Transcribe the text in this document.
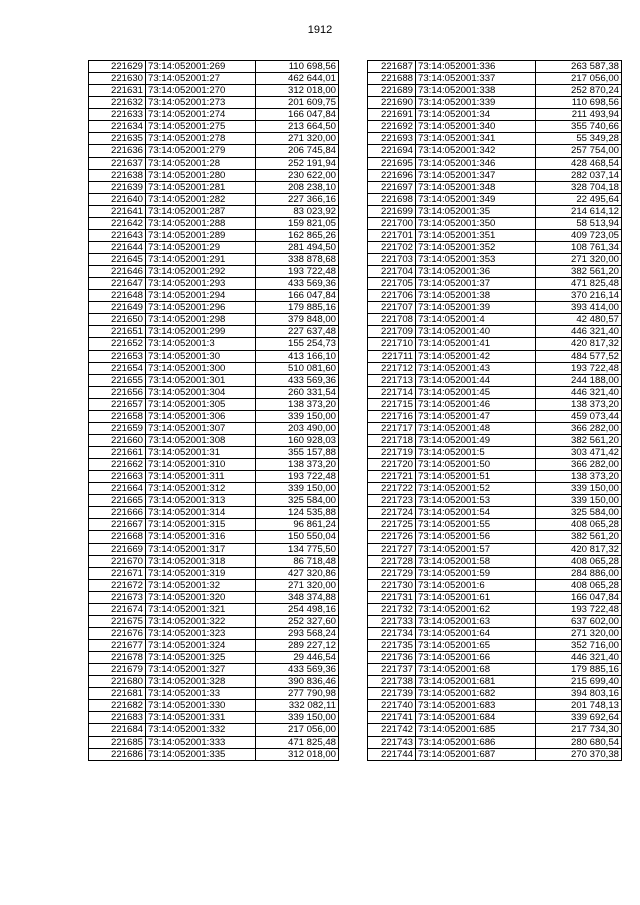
1912
221629	73:14:052001:269	110 698,56
221630	73:14:052001:27	462 644,01
221631	73:14:052001:270	312 018,00
221632	73:14:052001:273	201 609,75
221633	73:14:052001:274	166 047,84
221634	73:14:052001:275	213 664,50
221635	73:14:052001:278	271 320,00
221636	73:14:052001:279	206 745,84
221637	73:14:052001:28	252 191,94
221638	73:14:052001:280	230 622,00
221639	73:14:052001:281	208 238,10
221640	73:14:052001:282	227 366,16
221641	73:14:052001:287	83 023,92
221642	73:14:052001:288	159 821,05
221643	73:14:052001:289	162 865,26
221644	73:14:052001:29	281 494,50
221645	73:14:052001:291	338 878,68
221646	73:14:052001:292	193 722,48
221647	73:14:052001:293	433 569,36
221648	73:14:052001:294	166 047,84
221649	73:14:052001:296	179 885,16
221650	73:14:052001:298	379 848,00
221651	73:14:052001:299	227 637,48
221652	73:14:052001:3	155 254,73
221653	73:14:052001:30	413 166,10
221654	73:14:052001:300	510 081,60
221655	73:14:052001:301	433 569,36
221656	73:14:052001:304	260 331,54
221657	73:14:052001:305	138 373,20
221658	73:14:052001:306	339 150,00
221659	73:14:052001:307	203 490,00
221660	73:14:052001:308	160 928,03
221661	73:14:052001:31	355 157,88
221662	73:14:052001:310	138 373,20
221663	73:14:052001:311	193 722,48
221664	73:14:052001:312	339 150,00
221665	73:14:052001:313	325 584,00
221666	73:14:052001:314	124 535,88
221667	73:14:052001:315	96 861,24
221668	73:14:052001:316	150 550,04
221669	73:14:052001:317	134 775,50
221670	73:14:052001:318	86 718,48
221671	73:14:052001:319	427 320,86
221672	73:14:052001:32	271 320,00
221673	73:14:052001:320	348 374,88
221674	73:14:052001:321	254 498,16
221675	73:14:052001:322	252 327,60
221676	73:14:052001:323	293 568,24
221677	73:14:052001:324	289 227,12
221678	73:14:052001:325	29 446,54
221679	73:14:052001:327	433 569,36
221680	73:14:052001:328	390 836,46
221681	73:14:052001:33	277 790,98
221682	73:14:052001:330	332 082,11
221683	73:14:052001:331	339 150,00
221684	73:14:052001:332	217 056,00
221685	73:14:052001:333	471 825,48
221686	73:14:052001:335	312 018,00
221687	73:14:052001:336	263 587,38
221688	73:14:052001:337	217 056,00
221689	73:14:052001:338	252 870,24
221690	73:14:052001:339	110 698,56
221691	73:14:052001:34	211 493,94
221692	73:14:052001:340	355 740,66
221693	73:14:052001:341	55 349,28
221694	73:14:052001:342	257 754,00
221695	73:14:052001:346	428 468,54
221696	73:14:052001:347	282 037,14
221697	73:14:052001:348	328 704,18
221698	73:14:052001:349	22 495,64
221699	73:14:052001:35	214 614,12
221700	73:14:052001:350	58 513,94
221701	73:14:052001:351	409 723,05
221702	73:14:052001:352	108 761,34
221703	73:14:052001:353	271 320,00
221704	73:14:052001:36	382 561,20
221705	73:14:052001:37	471 825,48
221706	73:14:052001:38	370 216,14
221707	73:14:052001:39	393 414,00
221708	73:14:052001:4	42 480,57
221709	73:14:052001:40	446 321,40
221710	73:14:052001:41	420 817,32
221711	73:14:052001:42	484 577,52
221712	73:14:052001:43	193 722,48
221713	73:14:052001:44	244 188,00
221714	73:14:052001:45	446 321,40
221715	73:14:052001:46	138 373,20
221716	73:14:052001:47	459 073,44
221717	73:14:052001:48	366 282,00
221718	73:14:052001:49	382 561,20
221719	73:14:052001:5	303 471,42
221720	73:14:052001:50	366 282,00
221721	73:14:052001:51	138 373,20
221722	73:14:052001:52	339 150,00
221723	73:14:052001:53	339 150,00
221724	73:14:052001:54	325 584,00
221725	73:14:052001:55	408 065,28
221726	73:14:052001:56	382 561,20
221727	73:14:052001:57	420 817,32
221728	73:14:052001:58	408 065,28
221729	73:14:052001:59	284 886,00
221730	73:14:052001:6	408 065,28
221731	73:14:052001:61	166 047,84
221732	73:14:052001:62	193 722,48
221733	73:14:052001:63	637 602,00
221734	73:14:052001:64	271 320,00
221735	73:14:052001:65	352 716,00
221736	73:14:052001:66	446 321,40
221737	73:14:052001:68	179 885,16
221738	73:14:052001:681	215 699,40
221739	73:14:052001:682	394 803,16
221740	73:14:052001:683	201 748,13
221741	73:14:052001:684	339 692,64
221742	73:14:052001:685	217 734,30
221743	73:14:052001:686	280 680,54
221744	73:14:052001:687	270 370,38
